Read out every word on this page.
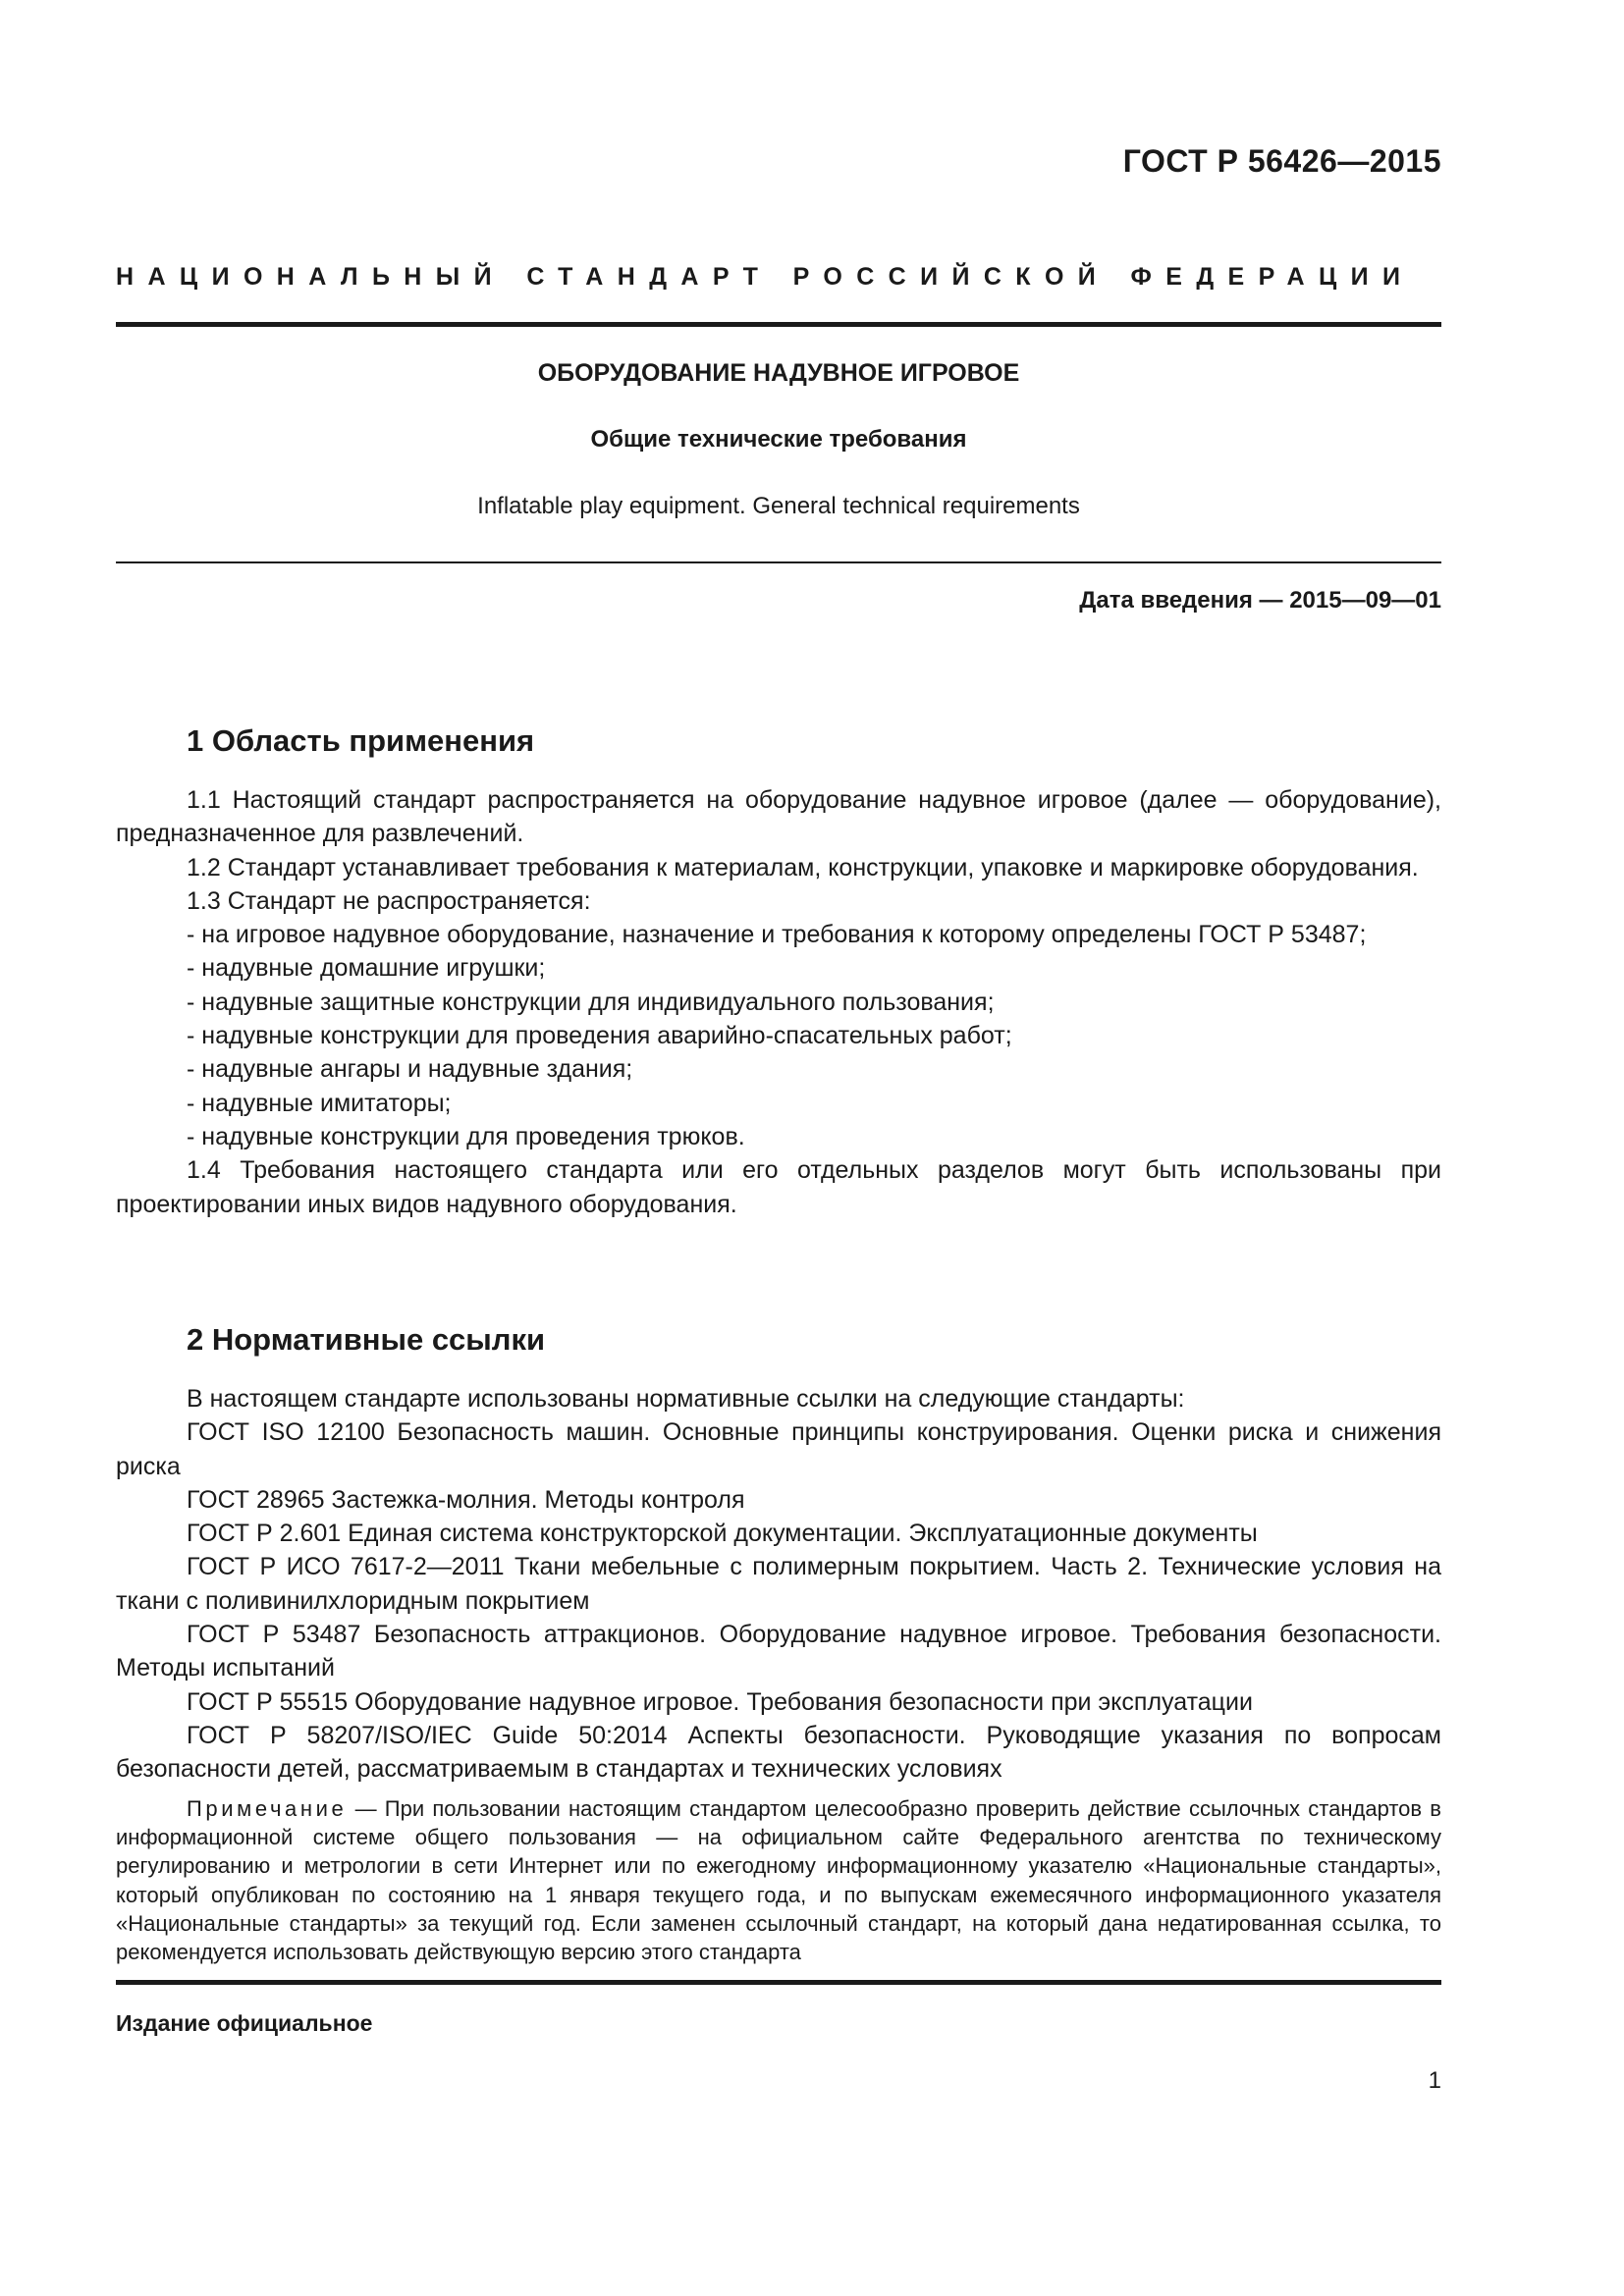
ГОСТ Р 56426—2015
НАЦИОНАЛЬНЫЙ СТАНДАРТ РОССИЙСКОЙ ФЕДЕРАЦИИ
ОБОРУДОВАНИЕ НАДУВНОЕ ИГРОВОЕ
Общие технические требования
Inflatable play equipment. General technical requirements
Дата введения — 2015—09—01
1 Область применения

1.1 Настоящий стандарт распространяется на оборудование надувное игровое (далее — оборудование), предназначенное для развлечений.

1.2 Стандарт устанавливает требования к материалам, конструкции, упаковке и маркировке оборудования.

1.3 Стандарт не распространяется:

- на игровое надувное оборудование, назначение и требования к которому определены ГОСТ Р 53487;

- надувные домашние игрушки;

- надувные защитные конструкции для индивидуального пользования;

- надувные конструкции для проведения аварийно-спасательных работ;

- надувные ангары и надувные здания;

- надувные имитаторы;

- надувные конструкции для проведения трюков.

1.4 Требования настоящего стандарта или его отдельных разделов могут быть использованы при проектировании иных видов надувного оборудования.

2 Нормативные ссылки

В настоящем стандарте использованы нормативные ссылки на следующие стандарты:

ГОСТ ISO 12100 Безопасность машин. Основные принципы конструирования. Оценки риска и снижения риска

ГОСТ 28965 Застежка-молния. Методы контроля

ГОСТ Р 2.601 Единая система конструкторской документации. Эксплуатационные документы

ГОСТ Р ИСО 7617-2—2011 Ткани мебельные с полимерным покрытием. Часть 2. Технические условия на ткани с поливинилхлоридным покрытием

ГОСТ Р 53487 Безопасность аттракционов. Оборудование надувное игровое. Требования безопасности. Методы испытаний

ГОСТ Р 55515 Оборудование надувное игровое. Требования безопасности при эксплуатации

ГОСТ Р 58207/ISO/IEC Guide 50:2014 Аспекты безопасности. Руководящие указания по вопросам безопасности детей, рассматриваемым в стандартах и технических условиях

Примечание — При пользовании настоящим стандартом целесообразно проверить действие ссылочных стандартов в информационной системе общего пользования — на официальном сайте Федерального агентства по техническому регулированию и метрологии в сети Интернет или по ежегодному информационному указателю «Национальные стандарты», который опубликован по состоянию на 1 января текущего года, и по выпускам ежемесячного информационного указателя «Национальные стандарты» за текущий год. Если заменен ссылочный стандарт, на который дана недатированная ссылка, то рекомендуется использовать действующую версию этого стандарта

Издание официальное
1
